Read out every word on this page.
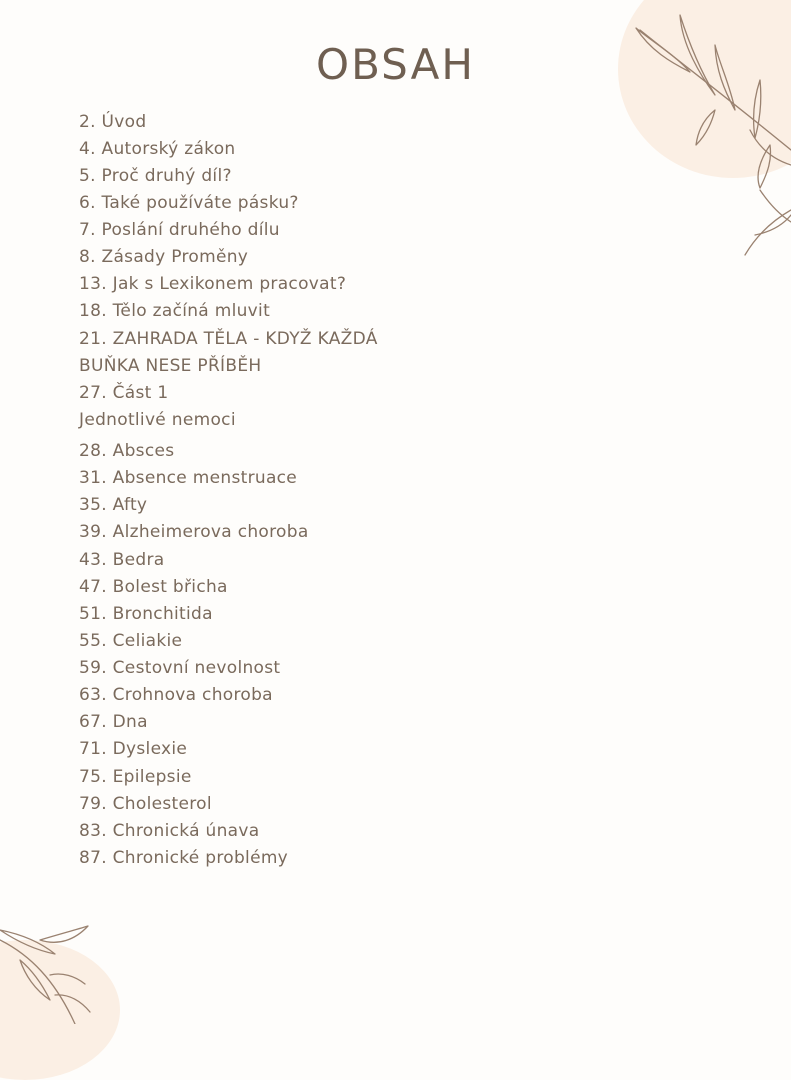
OBSAH
2. Úvod
4. Autorský zákon
5. Proč druhý díl?
6. Také používáte pásku?
7. Poslání druhého dílu
8. Zásady Proměny
13. Jak s Lexikonem pracovat?
18. Tělo začíná mluvit
21. ZAHRADA TĚLA - KDYŽ KAŽDÁ
BUŇKA NESE PŘÍBĚH
27. Část 1
Jednotlivé nemoci
28. Absces
31. Absence menstruace
35. Afty
39. Alzheimerova choroba
43. Bedra
47. Bolest břicha
51. Bronchitida
55. Celiakie
59. Cestovní nevolnost
63. Crohnova choroba
67. Dna
71. Dyslexie
75. Epilepsie
79. Cholesterol
83. Chronická únava
87. Chronické problémy
